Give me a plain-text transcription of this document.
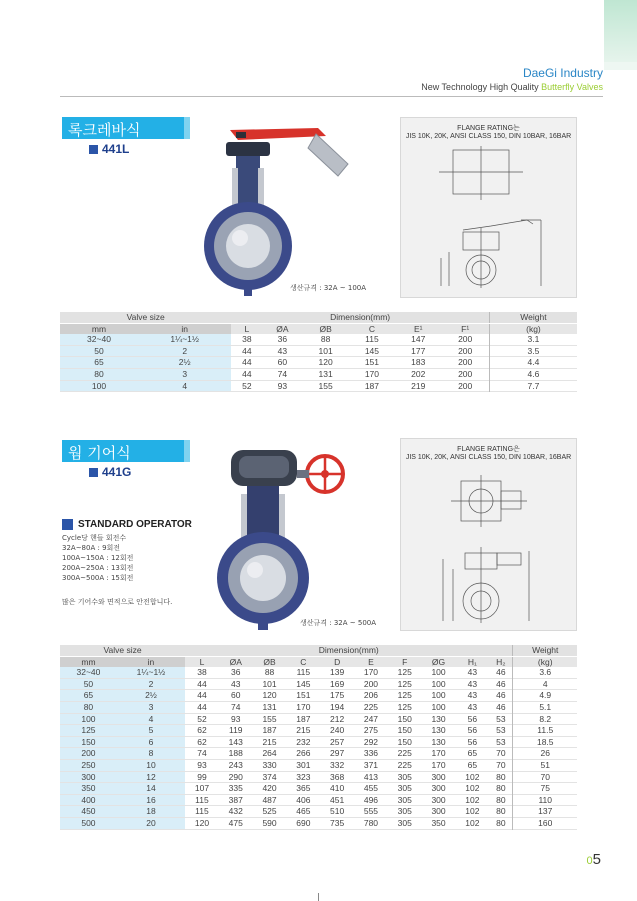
DaeGi Industry
New Technology High Quality Butterfly Valves
록크레바식
441L
생산규격 : 32A ~ 100A
FLANGE RATING는
JIS 10K, 20K, ANSI CLASS 150, DIN 10BAR, 16BAR
Valve size		Dimension(mm)						Weight
mm	in	L	ØA	ØB	C	E¹	F¹	(kg)
32~40	1¼~1½	38	36	88	115	147	200	3.1
50	2	44	43	101	145	177	200	3.5
65	2½	44	60	120	151	183	200	4.4
80	3	44	74	131	170	202	200	4.6
100	4	52	93	155	187	219	200	7.7
웜 기어식
441G
STANDARD OPERATOR
Cycle당 핸들 회전수
32A~80A : 9회전
100A~150A : 12회전
200A~250A : 13회전
300A~500A : 15회전
많은 기어수와 면적으로 안전합니다.
생산규격 : 32A ~ 500A
FLANGE RATING은
JIS 10K, 20K, ANSI CLASS 150, DIN 10BAR, 16BAR
Valve size		Dimension(mm)										Weight
mm	in	L	ØA	ØB	C	D	E	F	ØG	H₁	H₂	(kg)
32~40	1¼~1½	38	36	88	115	139	170	125	100	43	46	3.6
50	2	44	43	101	145	169	200	125	100	43	46	4
65	2½	44	60	120	151	175	206	125	100	43	46	4.9
80	3	44	74	131	170	194	225	125	100	43	46	5.1
100	4	52	93	155	187	212	247	150	130	56	53	8.2
125	5	62	119	187	215	240	275	150	130	56	53	11.5
150	6	62	143	215	232	257	292	150	130	56	53	18.5
200	8	74	188	264	266	297	336	225	170	65	70	26
250	10	93	243	330	301	332	371	225	170	65	70	51
300	12	99	290	374	323	368	413	305	300	102	80	70
350	14	107	335	420	365	410	455	305	300	102	80	75
400	16	115	387	487	406	451	496	305	300	102	80	110
450	18	115	432	525	465	510	555	305	300	102	80	137
500	20	120	475	590	690	735	780	305	350	102	80	160
05
